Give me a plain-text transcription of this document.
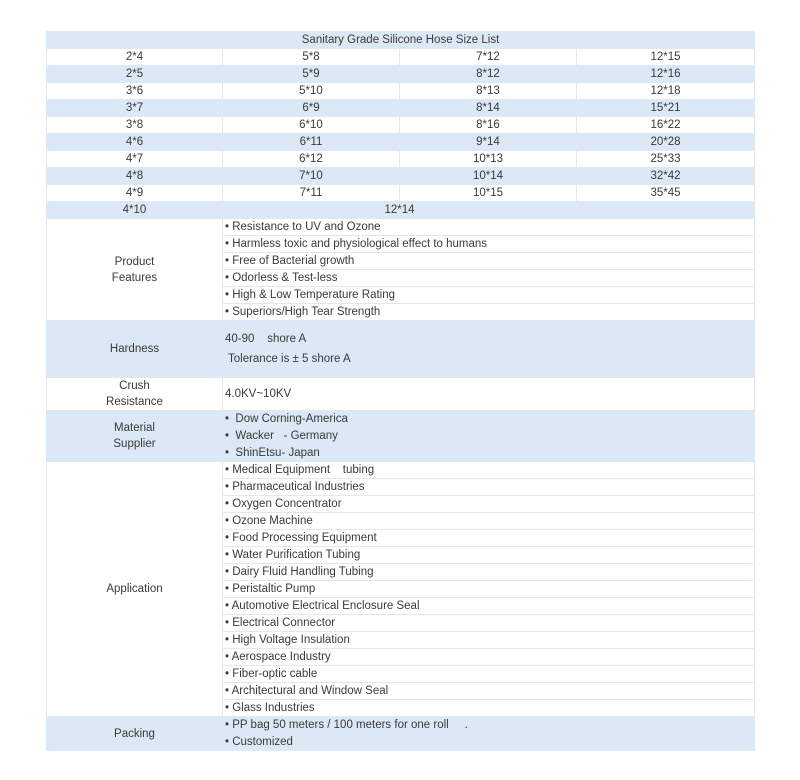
Sanitary Grade Silicone Hose Size List			
2*4	5*8	7*12	12*15
2*5	5*9	8*12	12*16
3*6	5*10	8*13	12*18
3*7	6*9	8*14	15*21
3*8	6*10	8*16	16*22
4*6	6*11	9*14	20*28
4*7	6*12	10*13	25*33
4*8	7*10	10*14	32*42
4*9	7*11	10*15	35*45
4*10	12*14		
Product
Features	• Resistance to UV and Ozone		
	• Harmless toxic and physiological effect to humans		
	• Free of Bacterial growth		
	• Odorless & Test-less		
	• High & Low Temperature Rating		
	• Superiors/High Tear Strength		
Hardness	40-90    shore A
Tolerance is ± 5 shore A		
Crush
Resistance	4.0KV~10KV		
Material
Supplier	•  Dow Corning-America		
	•  Wacker   - Germany		
	•  ShinEtsu- Japan		
Application	• Medical Equipment    tubing		
	• Pharmaceutical Industries		
	• Oxygen Concentrator		
	• Ozone Machine		
	• Food Processing Equipment		
	• Water Purification Tubing		
	• Dairy Fluid Handling Tubing		
	• Peristaltic Pump		
	• Automotive Electrical Enclosure Seal		
	• Electrical Connector		
	• High Voltage Insulation		
	• Aerospace Industry		
	• Fiber-optic cable		
	• Architectural and Window Seal		
	• Glass Industries		
Packing	• PP bag 50 meters / 100 meters for one roll     .		
	• Customized		
